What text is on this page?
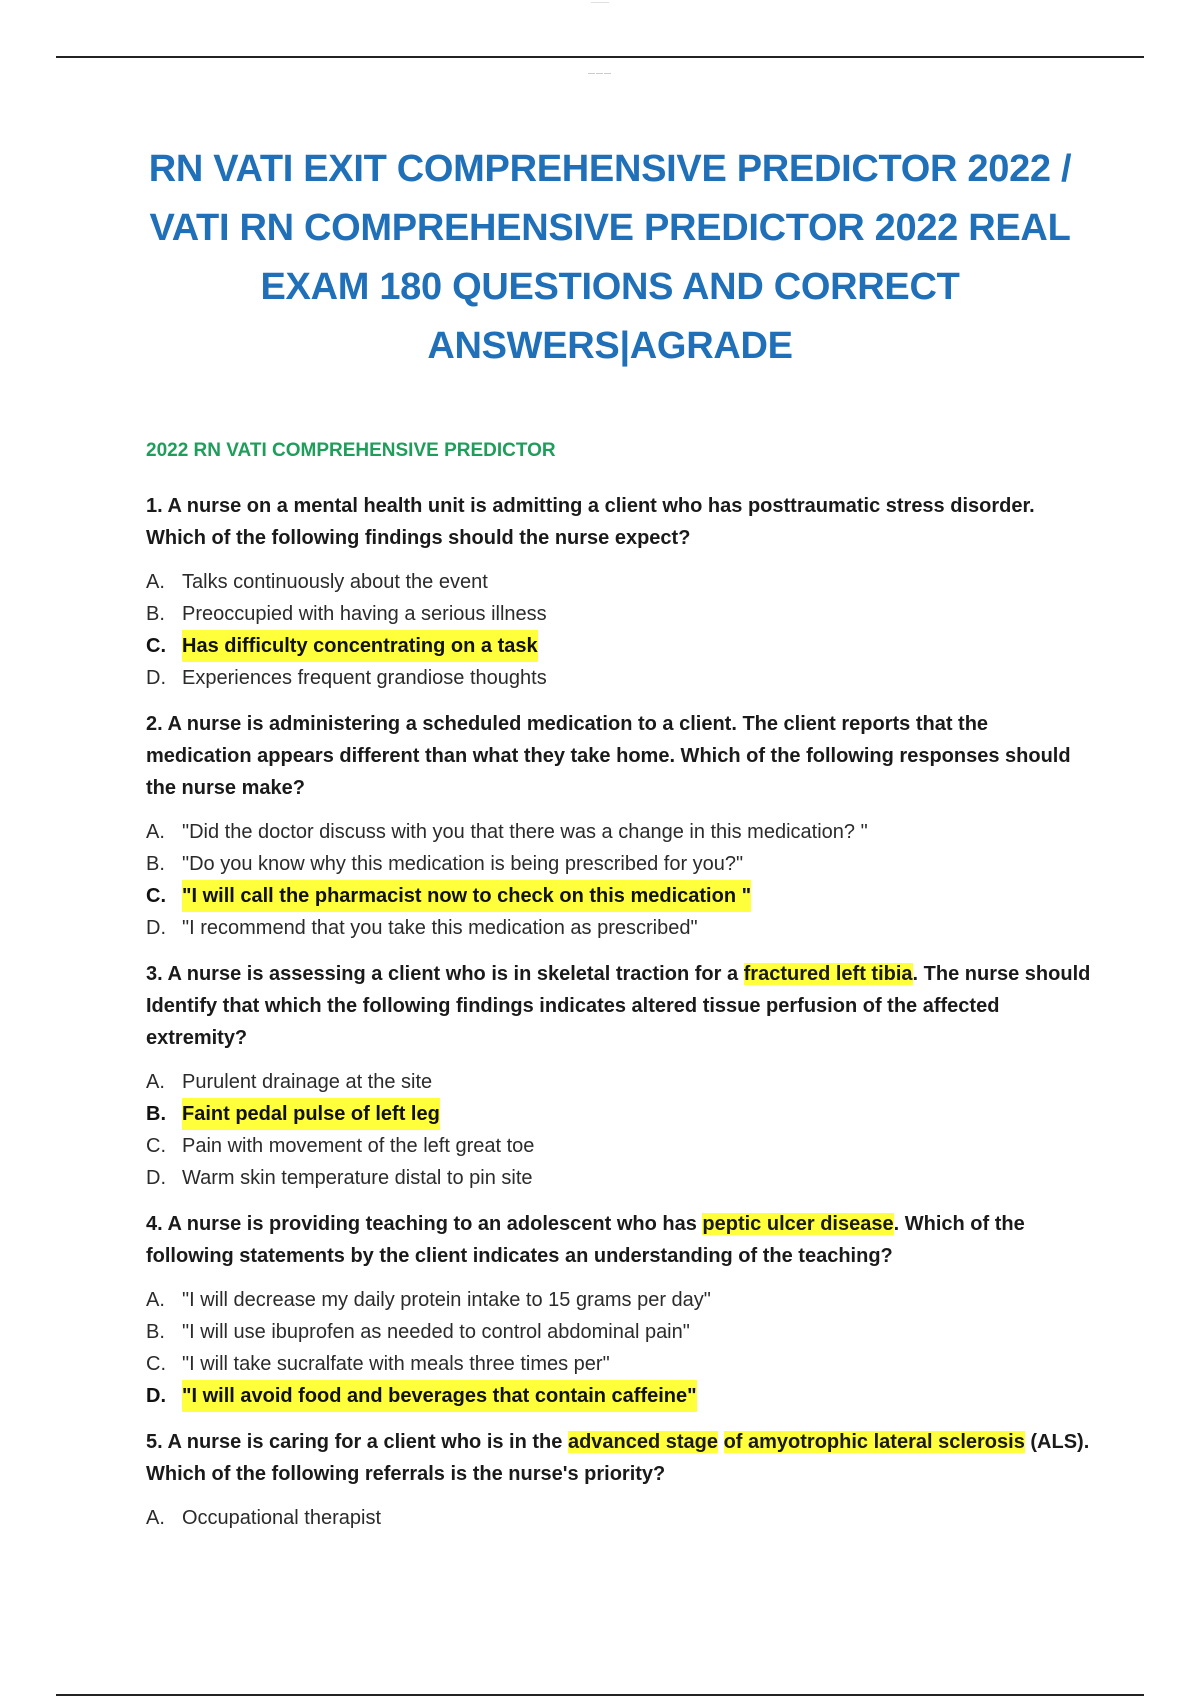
———
———
RN VATI EXIT COMPREHENSIVE PREDICTOR 2022 /
VATI RN COMPREHENSIVE PREDICTOR 2022 REAL
EXAM 180 QUESTIONS AND CORRECT
ANSWERS|AGRADE
2022 RN VATI COMPREHENSIVE PREDICTOR

1. A nurse on a mental health unit is admitting a client who has posttraumatic stress disorder. Which of the following findings should the nurse expect?

A. Talks continuously about the event
B. Preoccupied with having a serious illness
C. Has difficulty concentrating on a task
D. Experiences frequent grandiose thoughts

2. A nurse is administering a scheduled medication to a client. The client reports that the medication appears different than what they take home. Which of the following responses should the nurse make?

A. "Did the doctor discuss with you that there was a change in this medication? "
B. "Do you know why this medication is being prescribed for you?"
C. "I will call the pharmacist now to check on this medication "
D. "I recommend that you take this medication as prescribed"

3. A nurse is assessing a client who is in skeletal traction for a fractured left tibia. The nurse should Identify that which the following findings indicates altered tissue perfusion of the affected extremity?

A. Purulent drainage at the site
B. Faint pedal pulse of left leg
C. Pain with movement of the left great toe
D. Warm skin temperature distal to pin site

4. A nurse is providing teaching to an adolescent who has peptic ulcer disease. Which of the following statements by the client indicates an understanding of the teaching?

A. "I will decrease my daily protein intake to 15 grams per day"
B. "I will use ibuprofen as needed to control abdominal pain"
C. "I will take sucralfate with meals three times per"
D. "I will avoid food and beverages that contain caffeine"

5. A nurse is caring for a client who is in the advanced stage of amyotrophic lateral sclerosis (ALS). Which of the following referrals is the nurse's priority?

A. Occupational therapist
